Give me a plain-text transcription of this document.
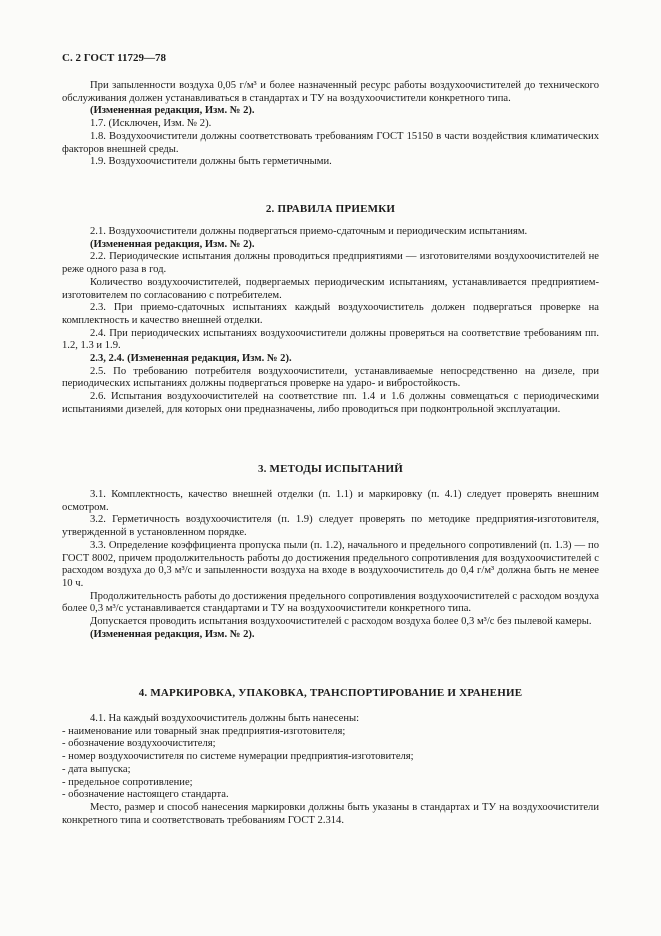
С. 2 ГОСТ 11729—78

При запыленности воздуха 0,05 г/м³ и более назначенный ресурс работы воздухоочистителей до технического обслуживания должен устанавливаться в стандартах и ТУ на воздухоочистители конкретного типа.

(Измененная редакция, Изм. № 2).

1.7. (Исключен, Изм. № 2).

1.8. Воздухоочистители должны соответствовать требованиям ГОСТ 15150 в части воздействия климатических факторов внешней среды.

1.9. Воздухоочистители должны быть герметичными.

2. ПРАВИЛА ПРИЕМКИ

2.1. Воздухоочистители должны подвергаться приемо-сдаточным и периодическим испытаниям.

(Измененная редакция, Изм. № 2).

2.2. Периодические испытания должны проводиться предприятиями — изготовителями воздухоочистителей не реже одного раза в год.

Количество воздухоочистителей, подвергаемых периодическим испытаниям, устанавливается предприятием-изготовителем по согласованию с потребителем.

2.3. При приемо-сдаточных испытаниях каждый воздухоочиститель должен подвергаться проверке на комплектность и качество внешней отделки.

2.4. При периодических испытаниях воздухоочистители должны проверяться на соответствие требованиям пп. 1.2, 1.3 и 1.9.

2.3, 2.4. (Измененная редакция, Изм. № 2).

2.5. По требованию потребителя воздухоочистители, устанавливаемые непосредственно на дизеле, при периодических испытаниях должны подвергаться проверке на ударо- и вибростойкость.

2.6. Испытания воздухоочистителей на соответствие пп. 1.4 и 1.6 должны совмещаться с периодическими испытаниями дизелей, для которых они предназначены, либо проводиться при подконтрольной эксплуатации.

3. МЕТОДЫ ИСПЫТАНИЙ

3.1. Комплектность, качество внешней отделки (п. 1.1) и маркировку (п. 4.1) следует проверять внешним осмотром.

3.2. Герметичность воздухоочистителя (п. 1.9) следует проверять по методике предприятия-изготовителя, утвержденной в установленном порядке.

3.3. Определение коэффициента пропуска пыли (п. 1.2), начального и предельного сопротивлений (п. 1.3) — по ГОСТ 8002, причем продолжительность работы до достижения предельного сопротивления для воздухоочистителей с расходом воздуха до 0,3 м³/с и запыленности воздуха на входе в воздухоочиститель до 0,4 г/м³ должна быть не менее 10 ч.

Продолжительность работы до достижения предельного сопротивления воздухоочистителей с расходом воздуха более 0,3 м³/с устанавливается стандартами и ТУ на воздухоочистители конкретного типа.

Допускается проводить испытания воздухоочистителей с расходом воздуха более 0,3 м³/с без пылевой камеры.

(Измененная редакция, Изм. № 2).

4. МАРКИРОВКА, УПАКОВКА, ТРАНСПОРТИРОВАНИЕ И ХРАНЕНИЕ

4.1. На каждый воздухоочиститель должны быть нанесены:

- наименование или товарный знак предприятия-изготовителя;
- обозначение воздухоочистителя;
- номер воздухоочистителя по системе нумерации предприятия-изготовителя;
- дата выпуска;
- предельное сопротивление;
- обозначение настоящего стандарта.

Место, размер и способ нанесения маркировки должны быть указаны в стандартах и ТУ на воздухоочистители конкретного типа и соответствовать требованиям ГОСТ 2.314.
